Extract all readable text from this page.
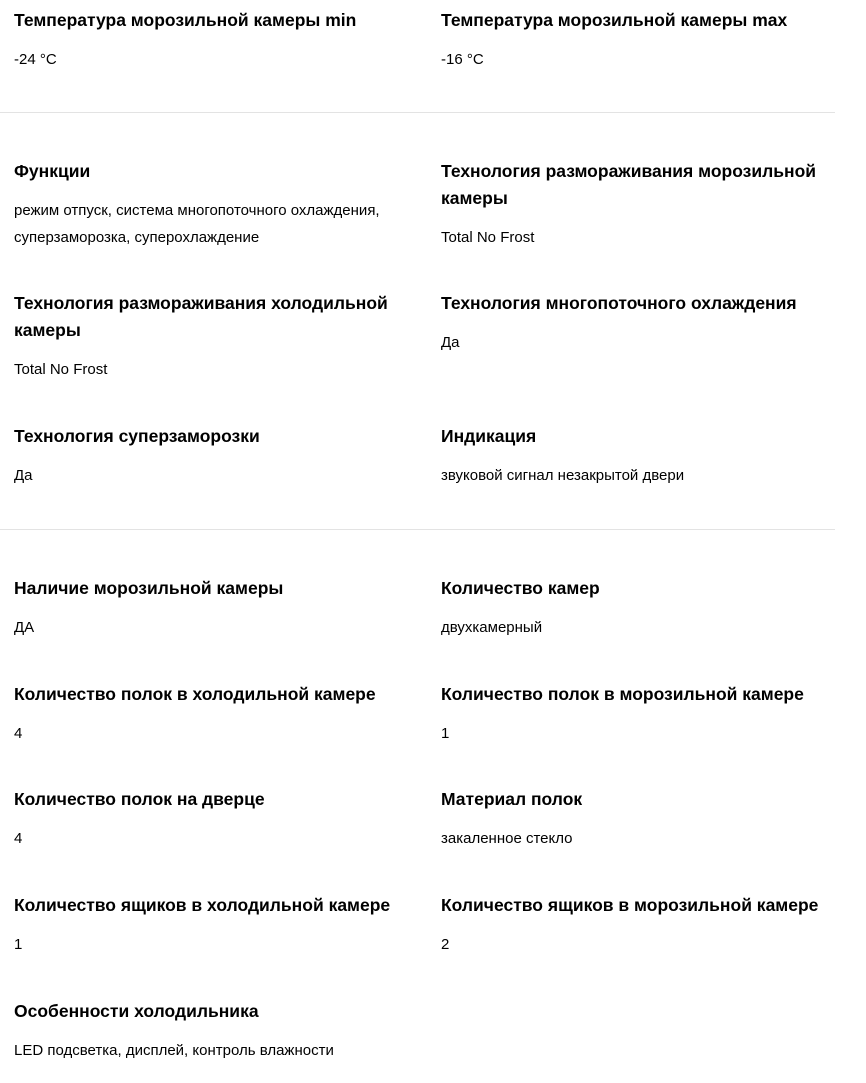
Температура морозильной камеры min
-24 °C
Температура морозильной камеры max
-16 °C
Функции
режим отпуск, система многопоточного охлаждения, суперзаморозка, суперохлаждение
Технология размораживания морозильной камеры
Total No Frost
Технология размораживания холодильной камеры
Total No Frost
Технология многопоточного охлаждения
Да
Технология суперзаморозки
Да
Индикация
звуковой сигнал незакрытой двери
Наличие морозильной камеры
ДА
Количество камер
двухкамерный
Количество полок в холодильной камере
4
Количество полок в морозильной камере
1
Количество полок на дверце
4
Материал полок
закаленное стекло
Количество ящиков в холодильной камере
1
Количество ящиков в морозильной камере
2
Особенности холодильника
LED подсветка, дисплей, контроль влажности
